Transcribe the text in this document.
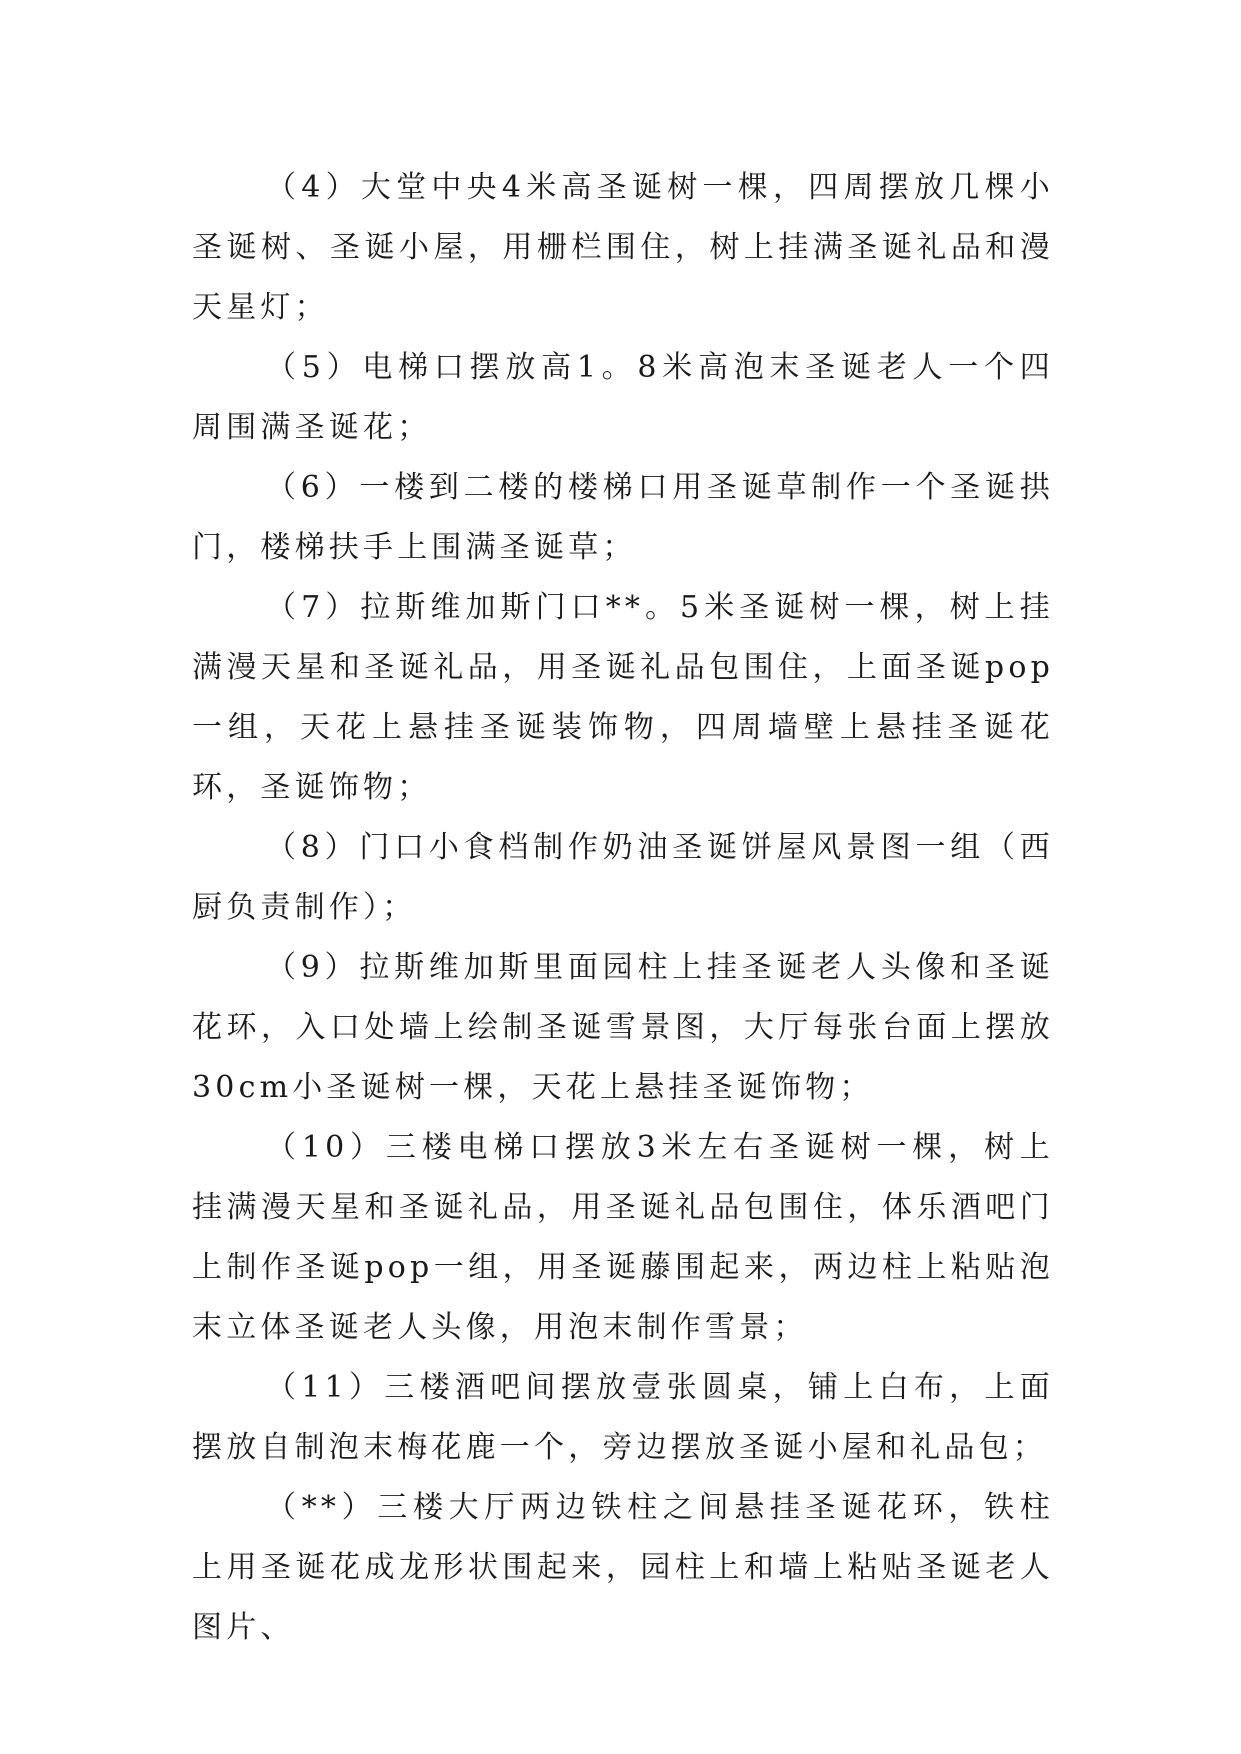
（4）大堂中央4米高圣诞树一棵，四周摆放几棵小圣诞树、圣诞小屋，用栅栏围住，树上挂满圣诞礼品和漫天星灯；

（5）电梯口摆放高1。8米高泡末圣诞老人一个四周围满圣诞花；

（6）一楼到二楼的楼梯口用圣诞草制作一个圣诞拱门，楼梯扶手上围满圣诞草；

（7）拉斯维加斯门口**。5米圣诞树一棵，树上挂满漫天星和圣诞礼品，用圣诞礼品包围住，上面圣诞pop一组，天花上悬挂圣诞装饰物，四周墙壁上悬挂圣诞花环，圣诞饰物；

（8）门口小食档制作奶油圣诞饼屋风景图一组（西厨负责制作）；

（9）拉斯维加斯里面园柱上挂圣诞老人头像和圣诞花环，入口处墙上绘制圣诞雪景图，大厅每张台面上摆放30cm小圣诞树一棵，天花上悬挂圣诞饰物；

（10）三楼电梯口摆放3米左右圣诞树一棵，树上挂满漫天星和圣诞礼品，用圣诞礼品包围住，体乐酒吧门上制作圣诞pop一组，用圣诞藤围起来，两边柱上粘贴泡末立体圣诞老人头像，用泡末制作雪景；

（11）三楼酒吧间摆放壹张圆桌，铺上白布，上面摆放自制泡末梅花鹿一个，旁边摆放圣诞小屋和礼品包；

（**）三楼大厅两边铁柱之间悬挂圣诞花环，铁柱上用圣诞花成龙形状围起来，园柱上和墙上粘贴圣诞老人图片、
